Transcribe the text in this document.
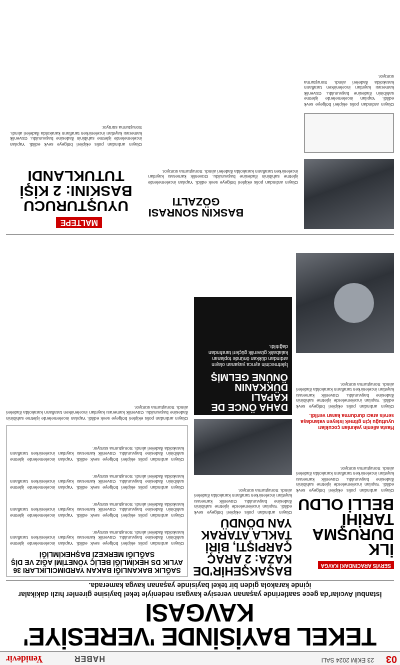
03
23 EKİM 2024 SALI
HABER
Yenidevir
TEKEL BAYİSİNDE 'VERESİYE' KAVGASI
İstanbul Avcılar'da gece saatlerinde yaşanan veresiye kavgası nedeniyle tekel bayisine girenler hızlı dakikalar içinde karakola giden bir tekel bayisinde yaşanan kavga kamerada.
SERVİS ARACINDAKİ KAVGA
İLK DURUŞMA TARİHİ BELLİ OLDU
Olayın ardından polis ekipleri bölgeye sevk edildi. Yapılan incelemelerde işletme sahibinin ifadesine başvuruldu. Güvenlik kamerası kayıtları incelenirken tarafların karakolda ifadeleri alındı. Soruşturma sürüyor.
Hasta ailenin yakınları çocukları uyuttuğu için gitmek isteyen vatandaşa servis aracı durdurma kararı verildi.
Olayın ardından polis ekipleri bölgeye sevk edildi. Yapılan incelemelerde işletme sahibinin ifadesine başvuruldu. Güvenlik kamerası kayıtları incelenirken tarafların karakolda ifadeleri alındı. Soruşturma sürüyor.
DAHA ÖNCE DE KAPALI DÜKKANIN ÖNÜNE GELMİŞ
İşletmecinin ayrıca yaşanan olayın ardından dükkan önünde toplanan kalabalık güvenlik güçleri tarafından dağıtıldı.
BAŞAKŞEHİR'DE KAZA: 2 ARAÇ ÇARPIŞTI, BİRİ TAKLA ATARAK YAN DÖNDÜ
Olayın ardından polis ekipleri bölgeye sevk edildi. Yapılan incelemelerde işletme sahibinin ifadesine başvuruldu. Güvenlik kamerası kayıtları incelenirken tarafların karakolda ifadeleri alındı. Soruşturma sürüyor.
SAĞLIK BAKANLIĞI BAKAN YARDIMCILIKLARI 36 AYLIK DS HEKİMLİĞİ BELİÇ YÖNETİMİ AĞIZ VE DİŞ SAĞLIĞI MERKEZİ BAŞHEKİMLİĞİ
Olayın ardından polis ekipleri bölgeye sevk edildi. Yapılan incelemelerde işletme sahibinin ifadesine başvuruldu. Güvenlik kamerası kayıtları incelenirken tarafların karakolda ifadeleri alındı. Soruşturma sürüyor.
Olayın ardından polis ekipleri bölgeye sevk edildi. Yapılan incelemelerde işletme sahibinin ifadesine başvuruldu. Güvenlik kamerası kayıtları incelenirken tarafların karakolda ifadeleri alındı. Soruşturma sürüyor.
Olayın ardından polis ekipleri bölgeye sevk edildi. Yapılan incelemelerde işletme sahibinin ifadesine başvuruldu. Güvenlik kamerası kayıtları incelenirken tarafların karakolda ifadeleri alındı. Soruşturma sürüyor.
Olayın ardından polis ekipleri bölgeye sevk edildi. Yapılan incelemelerde işletme sahibinin ifadesine başvuruldu. Güvenlik kamerası kayıtları incelenirken tarafların karakolda ifadeleri alındı. Soruşturma sürüyor.
Olayın ardından polis ekipleri bölgeye sevk edildi. Yapılan incelemelerde işletme sahibinin ifadesine başvuruldu. Güvenlik kamerası kayıtları incelenirken tarafların karakolda ifadeleri alındı. Soruşturma sürüyor.
Olayın ardından polis ekipleri bölgeye sevk edildi. Yapılan incelemelerde işletme sahibinin ifadesine başvuruldu. Güvenlik kamerası kayıtları incelenirken tarafların karakolda ifadeleri alındı. Soruşturma sürüyor.
BASKIN SONRASI GÖZALTI
Olayın ardından polis ekipleri bölgeye sevk edildi. Yapılan incelemelerde işletme sahibinin ifadesine başvuruldu. Güvenlik kamerası kayıtları incelenirken tarafların karakolda ifadeleri alındı. Soruşturma sürüyor.
MALTEPE
UYUŞTURUCU BASKINI: 2 KİŞİ TUTUKLANDI
Olayın ardından polis ekipleri bölgeye sevk edildi. Yapılan incelemelerde işletme sahibinin ifadesine başvuruldu. Güvenlik kamerası kayıtları incelenirken tarafların karakolda ifadeleri alındı. Soruşturma sürüyor.
